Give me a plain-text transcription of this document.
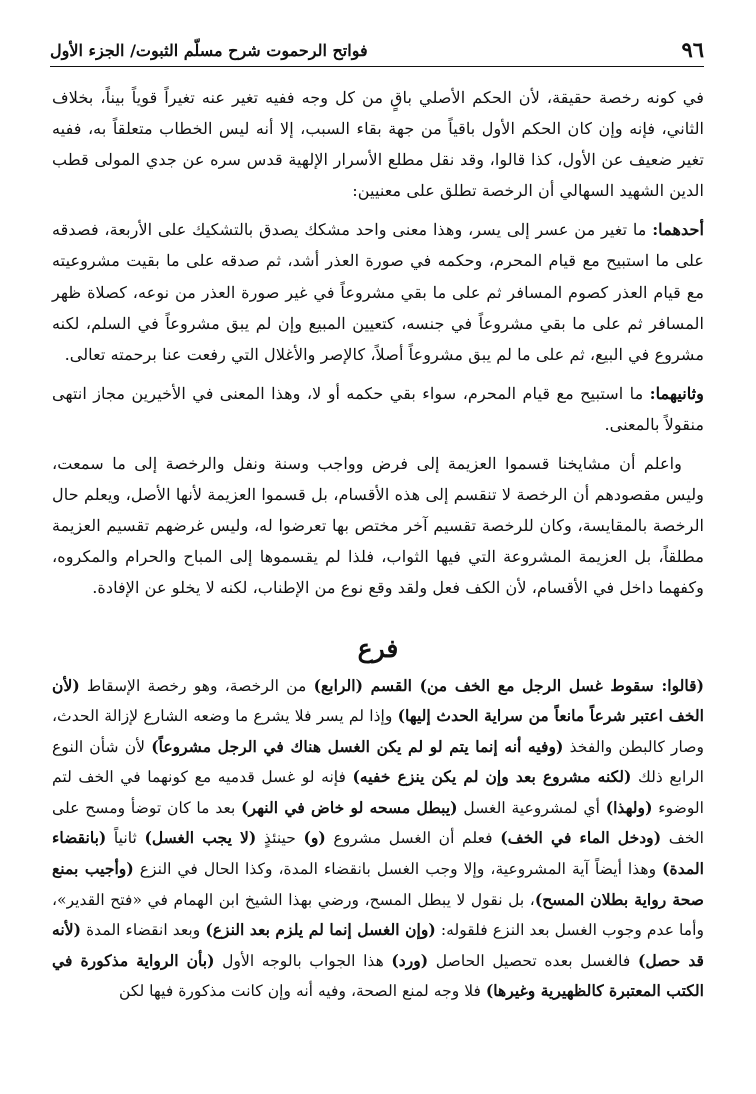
٩٦
فواتح الرحموت شرح مسلّم الثبوت/ الجزء الأول

في كونه رخصة حقيقة، لأن الحكم الأصلي باقٍ من كل وجه ففيه تغير عنه تغيراً قوياً بيناً، بخلاف الثاني، فإنه وإن كان الحكم الأول باقياً من جهة بقاء السبب، إلا أنه ليس الخطاب متعلقاً به، ففيه تغير ضعيف عن الأول، كذا قالوا، وقد نقل مطلع الأسرار الإلهية قدس سره عن جدي المولى قطب الدين الشهيد السهالي أن الرخصة تطلق على معنيين:

أحدهما: ما تغير من عسر إلى يسر، وهذا معنى واحد مشكك يصدق بالتشكيك على الأربعة، فصدقه على ما استبيح مع قيام المحرم، وحكمه في صورة العذر أشد، ثم صدقه على ما بقيت مشروعيته مع قيام العذر كصوم المسافر ثم على ما بقي مشروعاً في غير صورة العذر من نوعه، كصلاة ظهر المسافر ثم على ما بقي مشروعاً في جنسه، كتعيين المبيع وإن لم يبق مشروعاً في السلم، لكنه مشروع في البيع، ثم على ما لم يبق مشروعاً أصلاً، كالإصر والأغلال التي رفعت عنا برحمته تعالى.

وثانيهما: ما استبيح مع قيام المحرم، سواء بقي حكمه أو لا، وهذا المعنى في الأخيرين مجاز انتهى منقولاً بالمعنى.

واعلم أن مشايخنا قسموا العزيمة إلى فرض وواجب وسنة ونفل والرخصة إلى ما سمعت، وليس مقصودهم أن الرخصة لا تنقسم إلى هذه الأقسام، بل قسموا العزيمة لأنها الأصل، ويعلم حال الرخصة بالمقايسة، وكان للرخصة تقسيم آخر مختص بها تعرضوا له، وليس غرضهم تقسيم العزيمة مطلقاً، بل العزيمة المشروعة التي فيها الثواب، فلذا لم يقسموها إلى المباح والحرام والمكروه، وكفهما داخل في الأقسام، لأن الكف فعل ولقد وقع نوع من الإطناب، لكنه لا يخلو عن الإفادة.

فرع

(قالوا: سقوط غسل الرجل مع الخف من) القسم (الرابع) من الرخصة، وهو رخصة الإسقاط (لأن الخف اعتبر شرعاً مانعاً من سراية الحدث إليها) وإذا لم يسر فلا يشرع ما وضعه الشارع لإزالة الحدث، وصار كالبطن والفخذ (وفيه أنه إنما يتم لو لم يكن الغسل هناك في الرجل مشروعاً) لأن شأن النوع الرابع ذلك (لكنه مشروع بعد وإن لم يكن ينزع خفيه) فإنه لو غسل قدميه مع كونهما في الخف لتم الوضوء (ولهذا) أي لمشروعية الغسل (يبطل مسحه لو خاض في النهر) بعد ما كان توضأ ومسح على الخف (ودخل الماء في الخف) فعلم أن الغسل مشروع (و) حينئذٍ (لا يجب الغسل) ثانياً (بانقضاء المدة) وهذا أيضاً آية المشروعية، وإلا وجب الغسل بانقضاء المدة، وكذا الحال في النزع (وأجيب بمنع صحة رواية بطلان المسح)، بل نقول لا يبطل المسح، ورضي بهذا الشيخ ابن الهمام في «فتح القدير»، وأما عدم وجوب الغسل بعد النزع فلقوله: (وإن الغسل إنما لم يلزم بعد النزع) وبعد انقضاء المدة (لأنه قد حصل) فالغسل بعده تحصيل الحاصل (ورد) هذا الجواب بالوجه الأول (بأن الرواية مذكورة في الكتب المعتبرة كالظهيرية وغيرها) فلا وجه لمنع الصحة، وفيه أنه وإن كانت مذكورة فيها لكن
